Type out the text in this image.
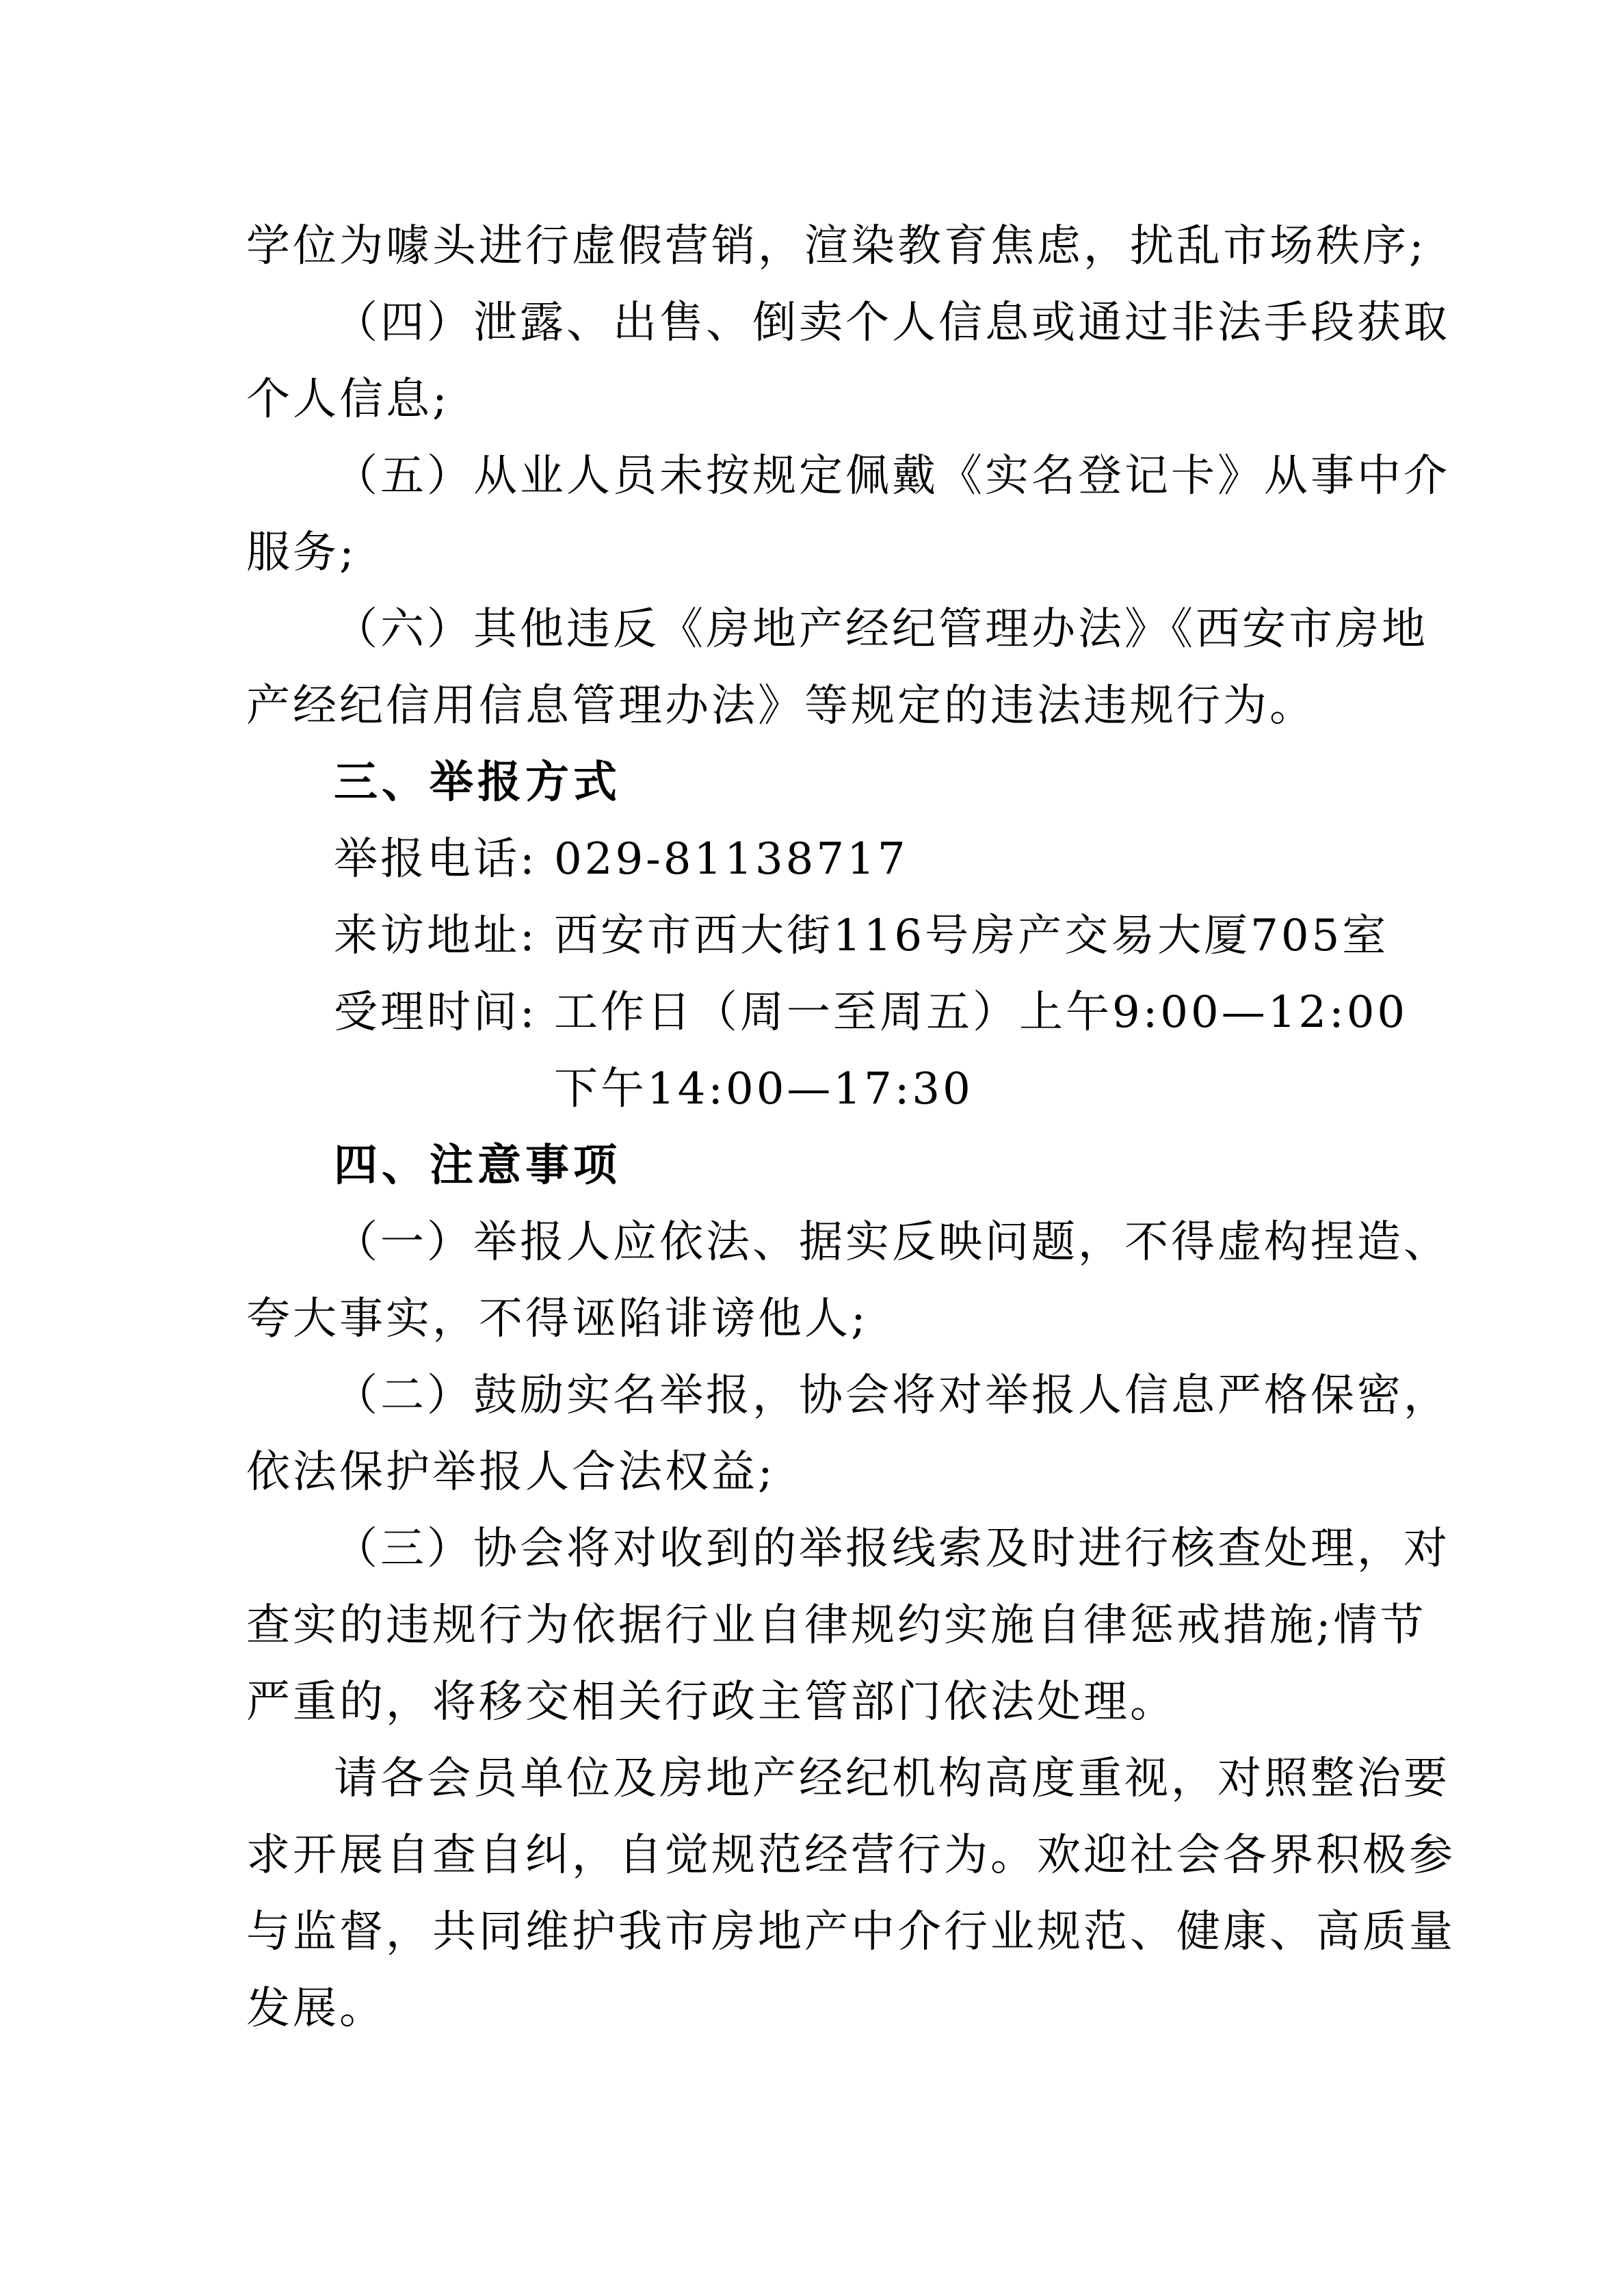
学位为噱头进行虚假营销，渲染教育焦虑，扰乱市场秩序;
（四）泄露、出售、倒卖个人信息或通过非法手段获取
个人信息;
（五）从业人员未按规定佩戴《实名登记卡》从事中介
服务;
（六）其他违反《房地产经纪管理办法》《西安市房地
产经纪信用信息管理办法》等规定的违法违规行为。
三、举报方式
举报电话: 029-81138717
来访地址: 西安市西大街116号房产交易大厦705室
受理时间: 工作日（周一至周五）上午9:00—12:00
下午14:00—17:30
四、注意事项
（一）举报人应依法、据实反映问题，不得虚构捏造、
夸大事实，不得诬陷诽谤他人;
（二）鼓励实名举报，协会将对举报人信息严格保密，
依法保护举报人合法权益;
（三）协会将对收到的举报线索及时进行核查处理，对
查实的违规行为依据行业自律规约实施自律惩戒措施;情节
严重的，将移交相关行政主管部门依法处理。
请各会员单位及房地产经纪机构高度重视，对照整治要
求开展自查自纠，自觉规范经营行为。欢迎社会各界积极参
与监督，共同维护我市房地产中介行业规范、健康、高质量
发展。
